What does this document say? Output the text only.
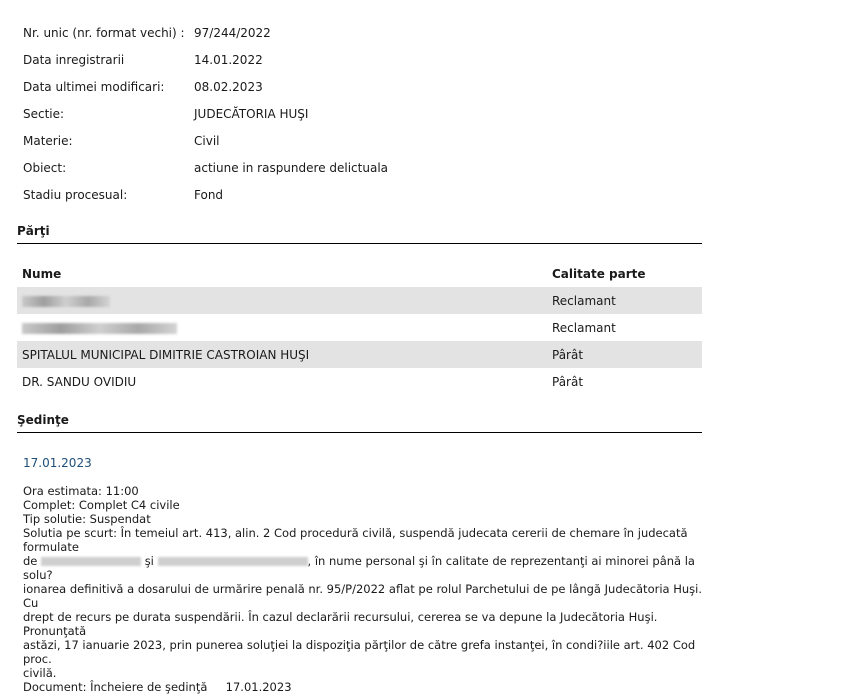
Nr. unic (nr. format vechi) : 97/244/2022
Data inregistrarii	14.01.2022
Data ultimei modificari:	08.02.2023
Sectie:	JUDECĂTORIA HUŞI
Materie:	Civil
Obiect:	actiune in raspundere delictuala
Stadiu procesual:	Fond
Părţi
Nume	Calitate parte
	Reclamant
	Reclamant
SPITALUL MUNICIPAL DIMITRIE CASTROIAN HUŞI	Pârât
DR. SANDU OVIDIU	Pârât
Şedinţe
17.01.2023
Ora estimata: 11:00
Complet: Complet C4 civile
Tip solutie: Suspendat
Solutia pe scurt: În temeiul art. 413, alin. 2 Cod procedură civilă, suspendă judecata cererii de chemare în judecată formulate
de	şi	, în nume personal şi în calitate de reprezentanţi ai minorei până la solu?
ionarea definitivă a dosarului de urmărire penală nr. 95/P/2022 aflat pe rolul Parchetului de pe lângă Judecătoria Huşi. Cu
drept de recurs pe durata suspendării. În cazul declarării recursului, cererea se va depune la Judecătoria Huşi. Pronunţată
astăzi, 17 ianuarie 2023, prin punerea soluţiei la dispoziţia părţilor de către grefa instanţei, în condi?iile art. 402 Cod proc.
civilă.
Document: Încheiere de şedinţă     17.01.2023
